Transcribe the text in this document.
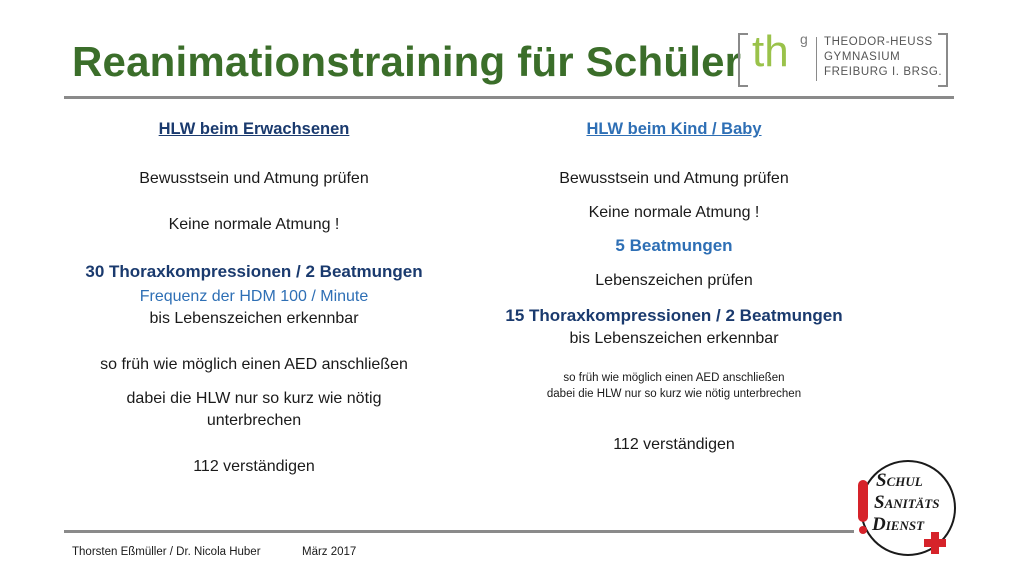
Reanimationstraining für Schüler th g THEODOR-HEUSS
GYMNASIUM
FREIBURG I. BRSG.
HLW beim Erwachsenen
Bewusstsein und Atmung prüfen
Keine normale Atmung !
30 Thoraxkompressionen / 2 Beatmungen
Frequenz der HDM 100 / Minute
bis Lebenszeichen erkennbar
so früh wie möglich einen AED anschließen
dabei die HLW nur so kurz wie nötig
unterbrechen
112 verständigen
HLW beim Kind / Baby
Bewusstsein und Atmung prüfen
Keine normale Atmung !
5 Beatmungen
Lebenszeichen prüfen
15 Thoraxkompressionen / 2 Beatmungen
bis Lebenszeichen erkennbar
so früh wie möglich einen AED anschließen
dabei die HLW nur so kurz wie nötig unterbrechen
112 verständigen
SCHUL
SANITÄTS
DIENST
Thorsten Eßmüller / Dr. Nicola Huber	März 2017
